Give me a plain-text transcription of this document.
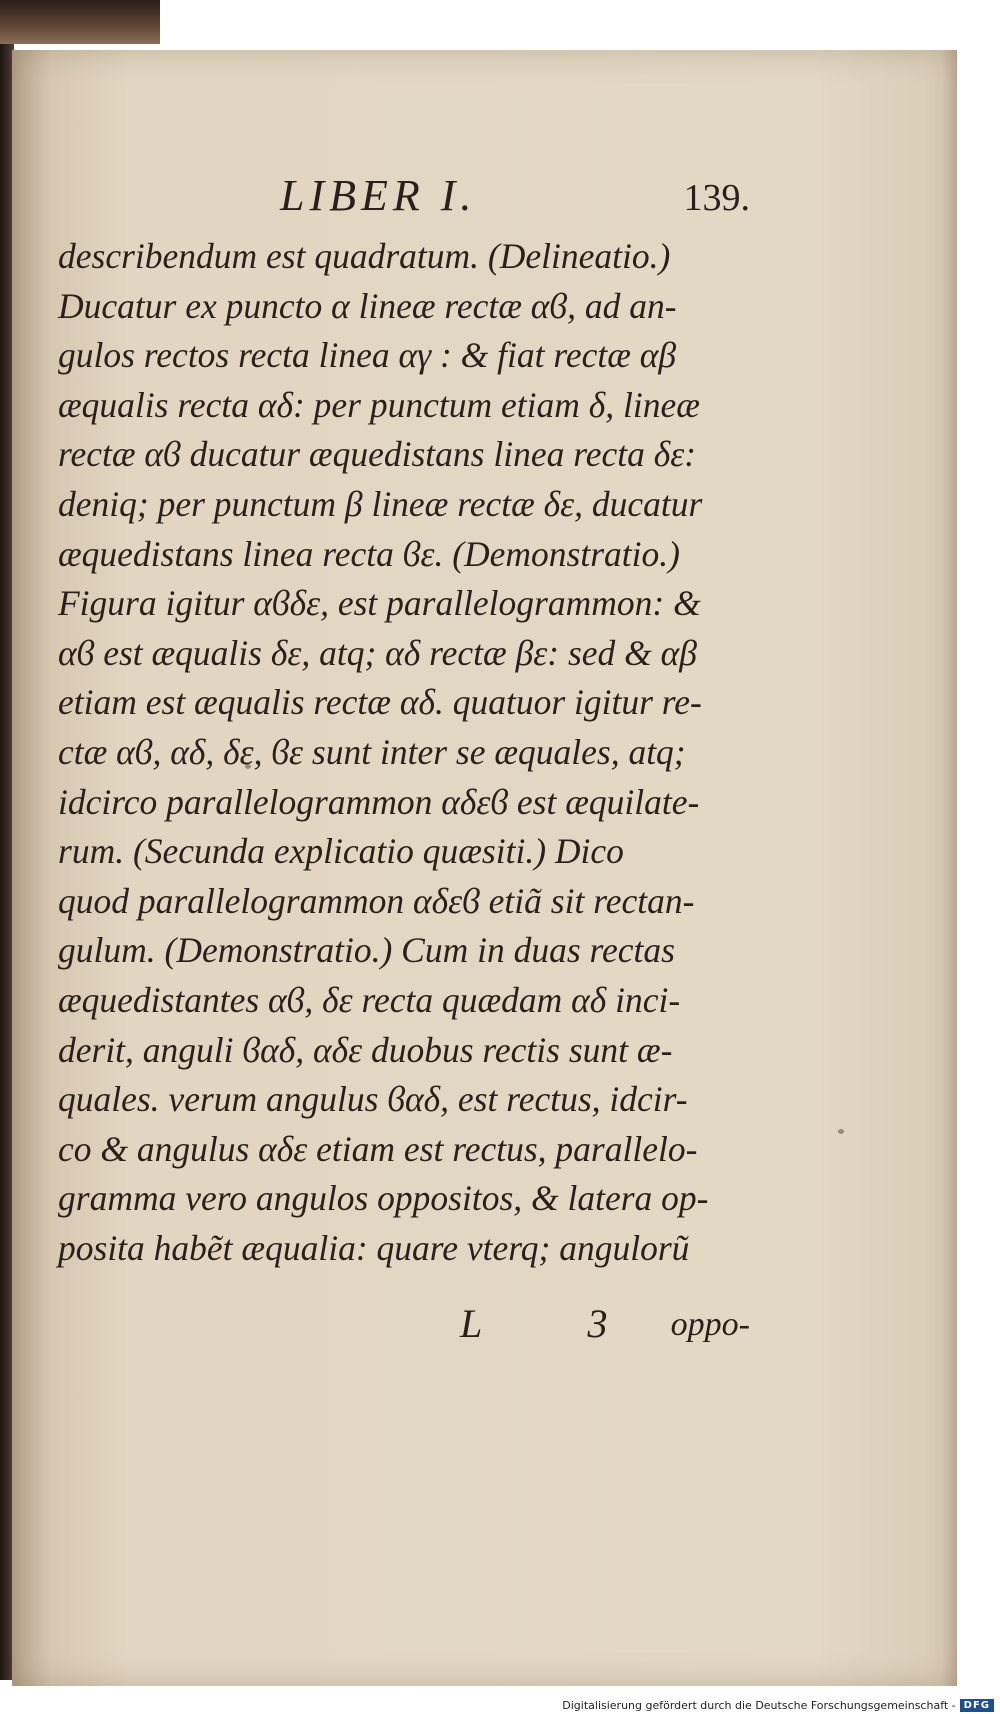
LIBER I.	139.
describendum est quadratum. (Delineatio.)
Ducatur ex puncto α lineæ rectæ αϐ, ad an-
gulos rectos recta linea αγ : & fiat rectæ αβ
æqualis recta αδ: per punctum etiam δ, lineæ
rectæ αϐ ducatur æquedistans linea recta δε:
deniq; per punctum β lineæ rectæ δε, ducatur
æquedistans linea recta ϐε. (Demonstratio.)
Figura igitur αϐδε, est parallelogrammon: &
αϐ est æqualis δε, atq; αδ rectæ βε: sed & αβ
etiam est æqualis rectæ αδ. quatuor igitur re-
ctæ αϐ, αδ, δε, ϐε sunt inter se æquales, atq;
idcirco parallelogrammon αδεϐ est æquilate-
rum. (Secunda explicatio quæsiti.) Dico
quod parallelogrammon αδεϐ etiã sit rectan-
gulum. (Demonstratio.) Cum in duas rectas
æquedistantes αϐ, δε recta quædam αδ inci-
derit, anguli ϐαδ, αδε duobus rectis sunt æ-
quales. verum angulus ϐαδ, est rectus, idcir-
co & angulus αδε etiam est rectus, parallelo-
gramma vero angulos oppositos, & latera op-
posita habẽt æqualia: quare vterq; angulorũ
L 3 oppo-
Digitalisierung gefördert durch die Deutsche Forschungsgemeinschaft - DFG
